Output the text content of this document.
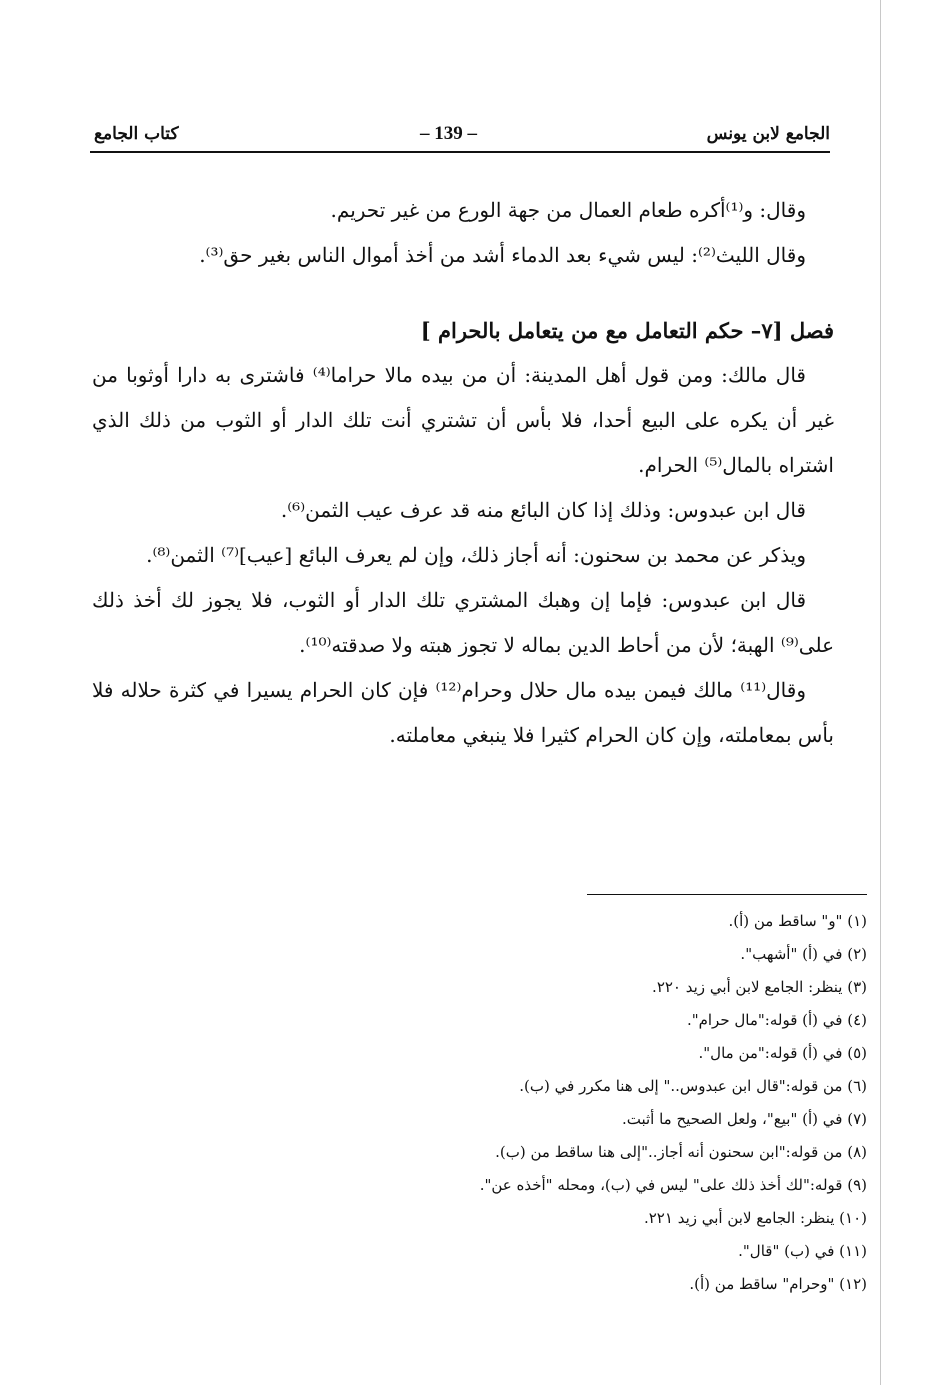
الجامع لابن يونس
– 139 –
كتاب الجامع

وقال: و⁽¹⁾أكره طعام العمال من جهة الورع من غير تحريم.

وقال الليث⁽²⁾: ليس شيء بعد الدماء أشد من أخذ أموال الناس بغير حق⁽³⁾.

فصل [٧– حكم التعامل مع من يتعامل بالحرام ]

قال مالك: ومن قول أهل المدينة: أن من بيده مالا حراما⁽⁴⁾ فاشترى به دارا أوثوبا من غير أن يكره على البيع أحدا، فلا بأس أن تشتري أنت تلك الدار أو الثوب من ذلك الذي اشتراه بالمال⁽⁵⁾ الحرام.

قال ابن عبدوس: وذلك إذا كان البائع منه قد عرف عيب الثمن⁽⁶⁾.

ويذكر عن محمد بن سحنون: أنه أجاز ذلك، وإن لم يعرف البائع [عيب]⁽⁷⁾ الثمن⁽⁸⁾.

قال ابن عبدوس: فإما إن وهبك المشتري تلك الدار أو الثوب، فلا يجوز لك أخذ ذلك على⁽⁹⁾ الهبة؛ لأن من أحاط الدين بماله لا تجوز هبته ولا صدقته⁽¹⁰⁾.

وقال⁽¹¹⁾ مالك فيمن بيده مال حلال وحرام⁽¹²⁾ فإن كان الحرام يسيرا في كثرة حلاله فلا بأس بمعاملته، وإن كان الحرام كثيرا فلا ينبغي معاملته.

(١) "و" ساقط من (أ).
(٢) في (أ) "أشهب".
(٣) ينظر: الجامع لابن أبي زيد ٢٢٠.
(٤) في (أ) قوله:"مال حرام".
(٥) في (أ) قوله:"من مال".
(٦) من قوله:"قال ابن عبدوس.." إلى هنا مكرر في (ب).
(٧) في (أ) "بيع"، ولعل الصحيح ما أثبت.
(٨) من قوله:"ابن سحنون أنه أجاز.."إلى هنا ساقط من (ب).
(٩) قوله:"لك أخذ ذلك على" ليس في (ب)، ومحله "أخذه عن".
(١٠) ينظر: الجامع لابن أبي زيد ٢٢١.
(١١) في (ب) "قال".
(١٢) "وحرام" ساقط من (أ).
